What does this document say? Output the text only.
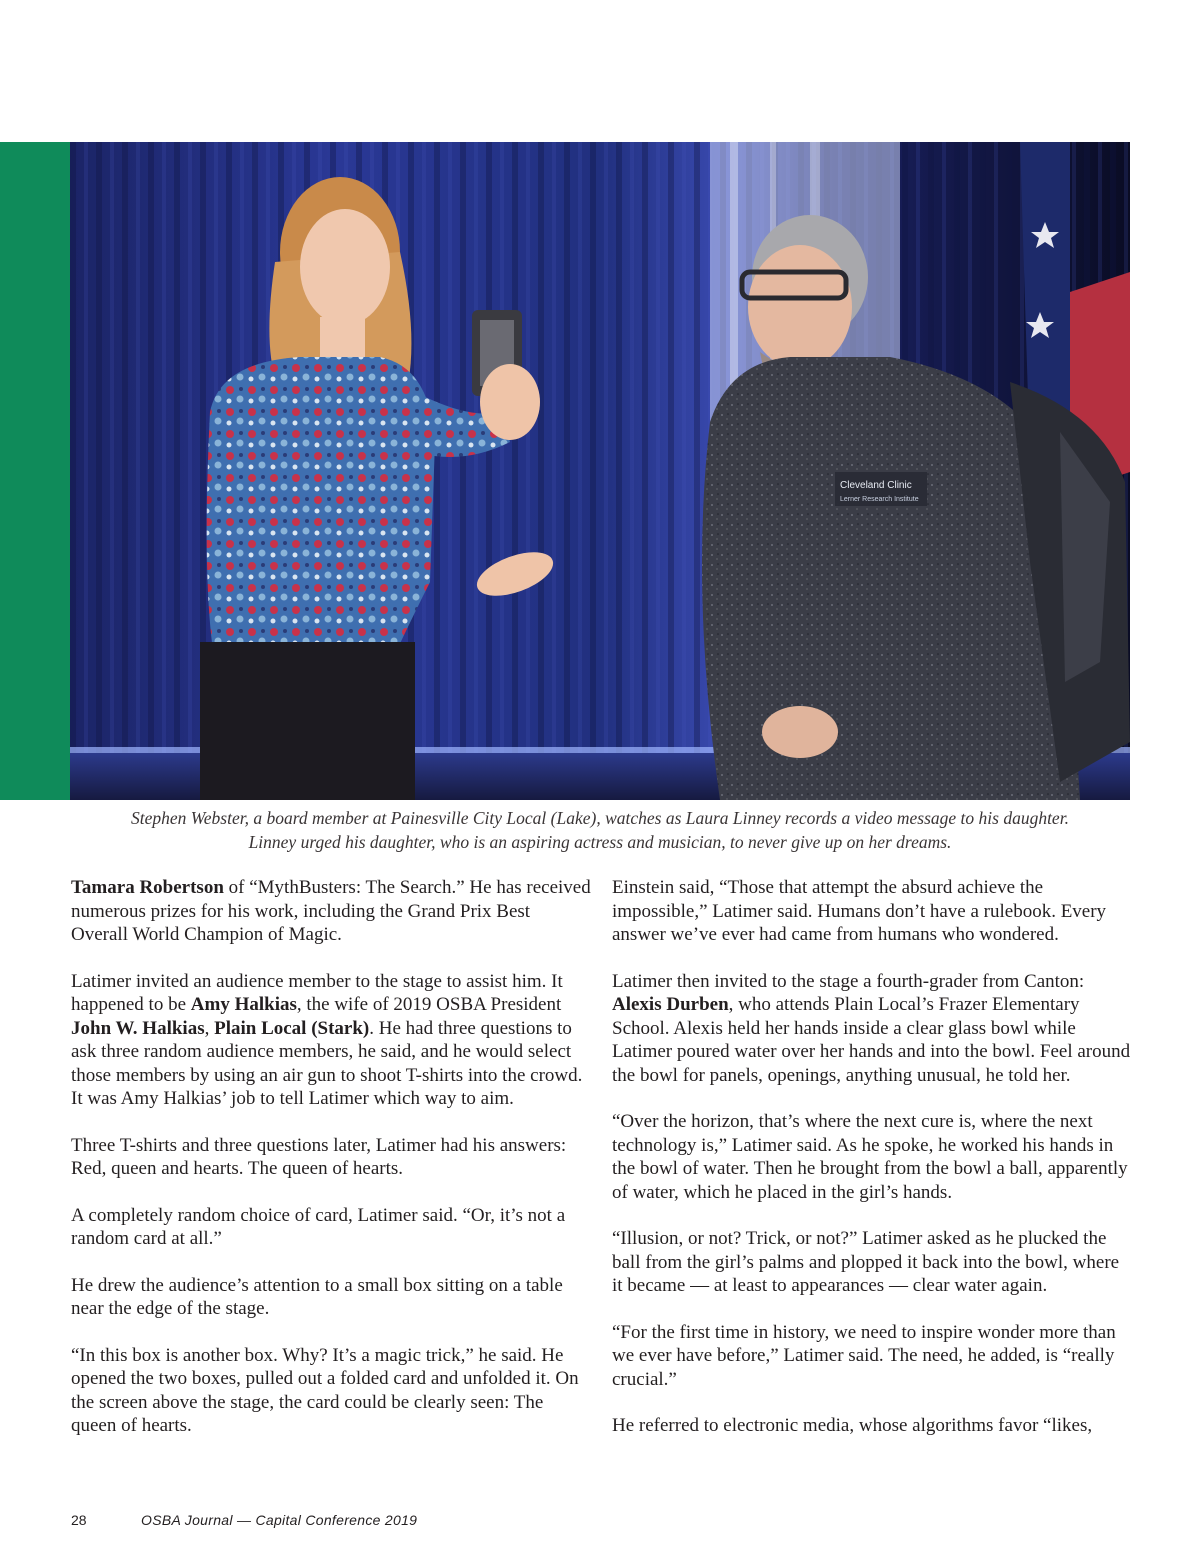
Cleveland Clinic
Lerner Research Institute

Stephen Webster, a board member at Painesville City Local (Lake), watches as Laura Linney records a video message to his daughter.

Linney urged his daughter, who is an aspiring actress and musician, to never give up on her dreams.

Tamara Robertson of “MythBusters: The Search.” He has received numerous prizes for his work, including the Grand Prix Best Overall World Champion of Magic.

Latimer invited an audience member to the stage to assist him. It happened to be Amy Halkias, the wife of 2019 OSBA President John W. Halkias, Plain Local (Stark). He had three questions to ask three random audience members, he said, and he would select those members by using an air gun to shoot T-shirts into the crowd. It was Amy Halkias’ job to tell Latimer which way to aim.

Three T-shirts and three questions later, Latimer had his answers: Red, queen and hearts. The queen of hearts.

A completely random choice of card, Latimer said. “Or, it’s not a random card at all.”

He drew the audience’s attention to a small box sitting on a table near the edge of the stage.

“In this box is another box. Why? It’s a magic trick,” he said. He opened the two boxes, pulled out a folded card and unfolded it. On the screen above the stage, the card could be clearly seen: The queen of hearts.

Einstein said, “Those that attempt the absurd achieve the impossible,” Latimer said. Humans don’t have a rulebook. Every answer we’ve ever had came from humans who wondered.

Latimer then invited to the stage a fourth-grader from Canton: Alexis Durben, who attends Plain Local’s Frazer Elementary School. Alexis held her hands inside a clear glass bowl while Latimer poured water over her hands and into the bowl. Feel around the bowl for panels, openings, anything unusual, he told her.

“Over the horizon, that’s where the next cure is, where the next technology is,” Latimer said. As he spoke, he worked his hands in the bowl of water. Then he brought from the bowl a ball, apparently of water, which he placed in the girl’s hands.

“Illusion, or not? Trick, or not?” Latimer asked as he plucked the ball from the girl’s palms and plopped it back into the bowl, where it became — at least to appearances — clear water again.

“For the first time in history, we need to inspire wonder more than we ever have before,” Latimer said. The need, he added, is “really crucial.”

He referred to electronic media, whose algorithms favor “likes,

28	OSBA Journal — Capital Conference 2019
